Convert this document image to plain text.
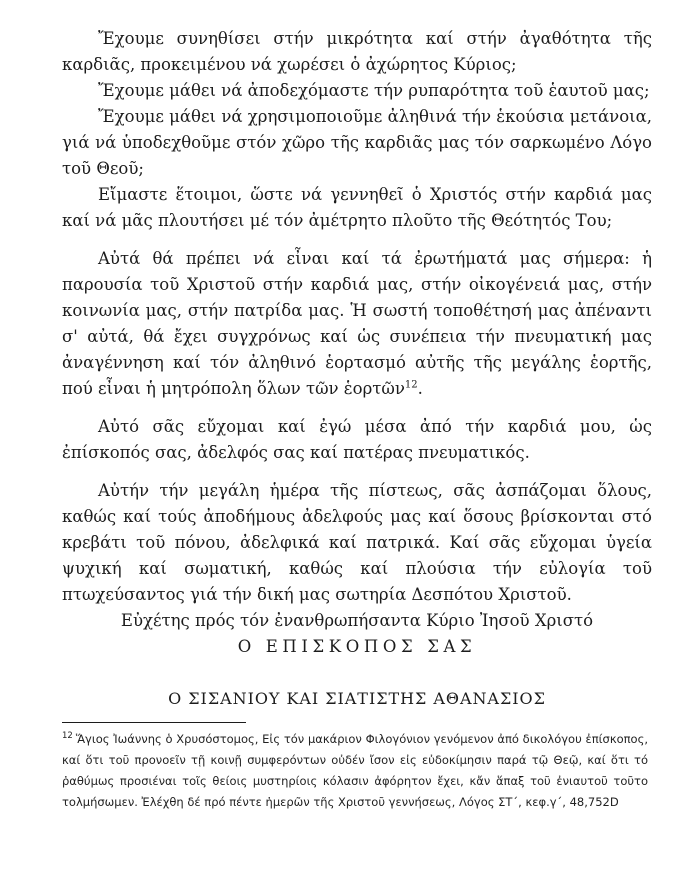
Ἔχουμε συνηθίσει στήν μικρότητα καί στήν ἀγαθότητα τῆς καρδιᾶς, προκειμένου νά χωρέσει ὁ ἀχώρητος Κύριος;

Ἔχουμε μάθει νά ἀποδεχόμαστε τήν ρυπαρότητα τοῦ ἑαυτοῦ μας;

Ἔχουμε μάθει νά χρησιμοποιοῦμε ἀληθινά τήν ἑκούσια μετάνοια, γιά νά ὑποδεχθοῦμε στόν χῶρο τῆς καρδιᾶς μας τόν σαρκωμένο Λόγο τοῦ Θεοῦ;

Εἴμαστε ἕτοιμοι, ὥστε νά γεννηθεῖ ὁ Χριστός στήν καρδιά μας καί νά μᾶς πλουτήσει μέ τόν ἀμέτρητο πλοῦτο τῆς Θεότητός Του;

Αὐτά θά πρέπει νά εἶναι καί τά ἐρωτήματά μας σήμερα: ἡ παρουσία τοῦ Χριστοῦ στήν καρδιά μας, στήν οἰκογένειά μας, στήν κοινωνία μας, στήν πατρίδα μας. Ἡ σωστή τοποθέτησή μας ἀπέναντι σ' αὐτά, θά ἔχει συγχρόνως καί ὡς συνέπεια τήν πνευματική μας ἀναγέννηση καί τόν ἀληθινό ἑορτασμό αὐτῆς τῆς μεγάλης ἑορτῆς, πού εἶναι ἡ μητρόπολη ὅλων τῶν ἑορτῶν$^{12}$.

Αὐτό σᾶς εὔχομαι καί ἐγώ μέσα ἀπό τήν καρδιά μου, ὡς ἐπίσκοπός σας, ἀδελφός σας καί πατέρας πνευματικός.

Αὐτήν τήν μεγάλη ἡμέρα τῆς πίστεως, σᾶς ἀσπάζομαι ὅλους, καθώς καί τούς ἀποδήμους ἀδελφούς μας καί ὅσους βρίσκονται στό κρεβάτι τοῦ πόνου, ἀδελφικά καί πατρικά. Καί σᾶς εὔχομαι ὑγεία ψυχική καί σωματική, καθώς καί πλούσια τήν εὐλογία τοῦ πτωχεύσαντος γιά τήν δική μας σωτηρία Δεσπότου Χριστοῦ.

Εὐχέτης πρός τόν ἐνανθρωπήσαντα Κύριο Ἰησοῦ Χριστό

Ο ΕΠΙΣΚΟΠΟΣ ΣΑΣ

Ο ΣΙΣΑΝΙΟΥ ΚΑΙ ΣΙΑΤΙΣΤΗΣ ΑΘΑΝΑΣΙΟΣ

$^{12}$ Ἅγιος Ἰωάννης ὁ Χρυσόστομος, Εἰς τόν μακάριον Φιλογόνιον γενόμενον ἀπό δικολόγου ἐπίσκοπος, καί ὅτι τοῦ προνοεῖν τῇ κοινῇ συμφερόντων οὐδέν ἴσον εἰς εὐδοκίμησιν παρά τῷ Θεῷ, καί ὅτι τό ῥαθύμως προσιέναι τοῖς θείοις μυστηρίοις κόλασιν ἀφόρητον ἔχει, κἄν ἅπαξ τοῦ ἐνιαυτοῦ τοῦτο τολμήσωμεν. Ἐλέχθη δέ πρό πέντε ἡμερῶν τῆς Χριστοῦ γεννήσεως, Λόγος ΣΤ΄, κεφ.γ΄, 48,752D
